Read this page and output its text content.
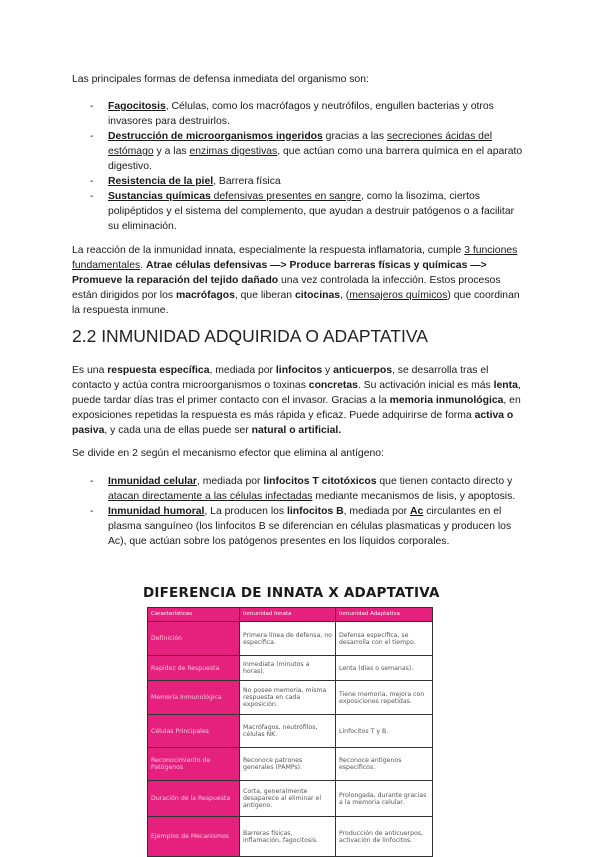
Las principales formas de defensa inmediata del organismo son:

- Fagocitosis, Células, como los macrófagos y neutrófilos, engullen bacterias y otros invasores para destruirlos.
- Destrucción de microorganismos ingeridos gracias a las secreciones ácidas del estómago y a las enzimas digestivas, que actúan como una barrera química en el aparato digestivo.
- Resistencia de la piel, Barrera física
- Sustancias químicas defensivas presentes en sangre, como la lisozima, ciertos polipéptidos y el sistema del complemento, que ayudan a destruir patógenos o a facilitar su eliminación.

La reacción de la inmunidad innata, especialmente la respuesta inflamatoria, cumple 3 funciones fundamentales. Atrae células defensivas —> Produce barreras físicas y químicas —> Promueve la reparación del tejido dañado una vez controlada la infección. Estos procesos están dirigidos por los macrófagos, que liberan citocinas, (mensajeros químicos) que coordinan la respuesta inmune.

2.2 INMUNIDAD ADQUIRIDA O ADAPTATIVA

Es una respuesta específica, mediada por linfocitos y anticuerpos, se desarrolla tras el contacto y actúa contra microorganismos o toxinas concretas. Su activación inicial es más lenta, puede tardar días tras el primer contacto con el invasor. Gracias a la memoria inmunológica, en exposiciones repetidas la respuesta es más rápida y eficaz. Puede adquirirse de forma activa o pasiva, y cada una de ellas puede ser natural o artificial.

Se divide en 2 según el mecanismo efector que elimina al antígeno:

- Inmunidad celular, mediada por linfocitos T citotóxicos que tienen contacto directo y atacan directamente a las células infectadas mediante mecanismos de lisis, y apoptosis.
- Inmunidad humoral, La producen los linfocitos B, mediada por Ac circulantes en el plasma sanguíneo (los linfocitos B se diferencian en células plasmaticas y producen los Ac), que actúan sobre los patógenos presentes en los líquidos corporales.
DIFERENCIA DE INNATA X ADAPTATIVA
Características	Inmunidad Innata	Inmunidad Adaptativa
Definición	Primera línea de defensa, no específica.	Defensa específica, se desarrolla con el tiempo.
Rapidez de Respuesta	Inmediata (minutos a horas).	Lenta (días o semanas).
Memoria Inmunológica	No posee memoria, misma respuesta en cada exposición.	Tiene memoria, mejora con exposiciones repetidas.
Células Principales	Macrófagos, neutrófilos, células NK.	Linfocitos T y B.
Reconocimiento de Patógenos	Reconoce patrones generales (PAMPs).	Reconoce antígenos específicos.
Duración de la Respuesta	Corta, generalmente desaparece al eliminar el antígeno.	Prolongada, durante gracias a la memoria celular.
Ejemplos de Mecanismos	Barreras físicas, inflamación, fagocitosis.	Producción de anticuerpos, activación de linfocitos.
